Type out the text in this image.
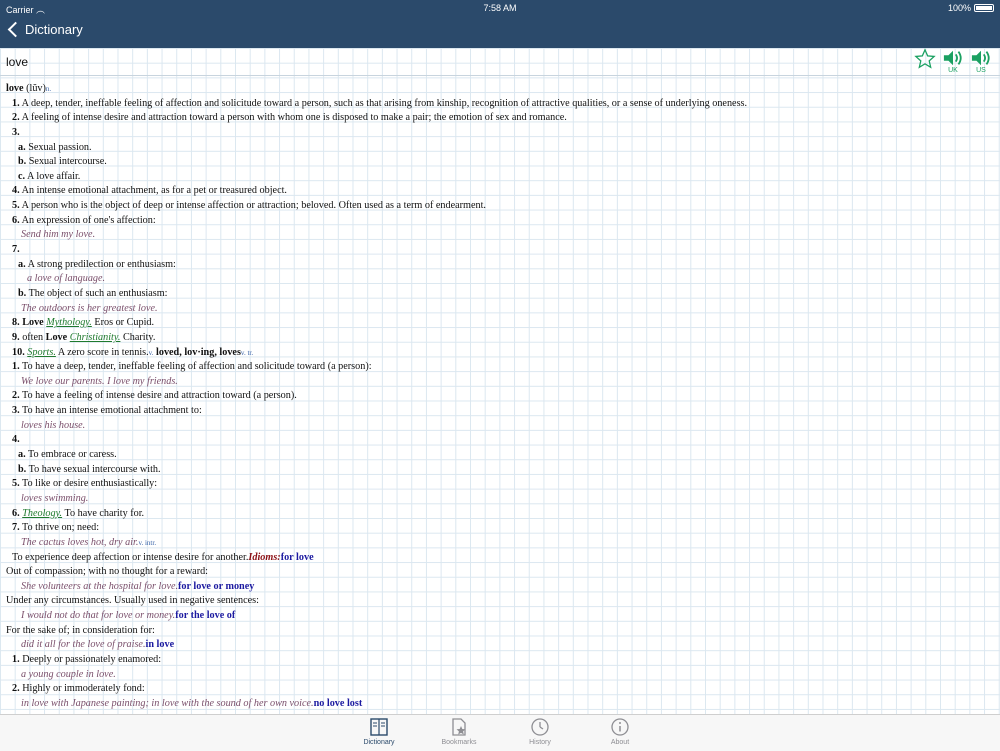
Carrier ︵	7:58 AM	100%
Dictionary
love
UK	US
love (lŭv)n.
1. A deep, tender, ineffable feeling of affection and solicitude toward a person, such as that arising from kinship, recognition of attractive qualities, or a sense of underlying oneness.
2. A feeling of intense desire and attraction toward a person with whom one is disposed to make a pair; the emotion of sex and romance.
3.
a. Sexual passion.
b. Sexual intercourse.
c. A love affair.
4. An intense emotional attachment, as for a pet or treasured object.
5. A person who is the object of deep or intense affection or attraction; beloved. Often used as a term of endearment.
6. An expression of one's affection:
Send him my love.
7.
a. A strong predilection or enthusiasm:
a love of language.
b. The object of such an enthusiasm:
The outdoors is her greatest love.
8. Love Mythology. Eros or Cupid.
9. often Love Christianity. Charity.
10. Sports. A zero score in tennis.v. loved, lov·ing, lovesv. tr.
1. To have a deep, tender, ineffable feeling of affection and solicitude toward (a person):
We love our parents. I love my friends.
2. To have a feeling of intense desire and attraction toward (a person).
3. To have an intense emotional attachment to:
loves his house.
4.
a. To embrace or caress.
b. To have sexual intercourse with.
5. To like or desire enthusiastically:
loves swimming.
6. Theology. To have charity for.
7. To thrive on; need:
The cactus loves hot, dry air.v. intr.
To experience deep affection or intense desire for another.Idioms:for love
Out of compassion; with no thought for a reward:
She volunteers at the hospital for love.for love or money
Under any circumstances. Usually used in negative sentences:
I would not do that for love or money.for the love of
For the sake of; in consideration for:
did it all for the love of praise.in love
1. Deeply or passionately enamored:
a young couple in love.
2. Highly or immoderately fond:
in love with Japanese painting; in love with the sound of her own voice.no love lost
Dictionary	Bookmarks	History	About
